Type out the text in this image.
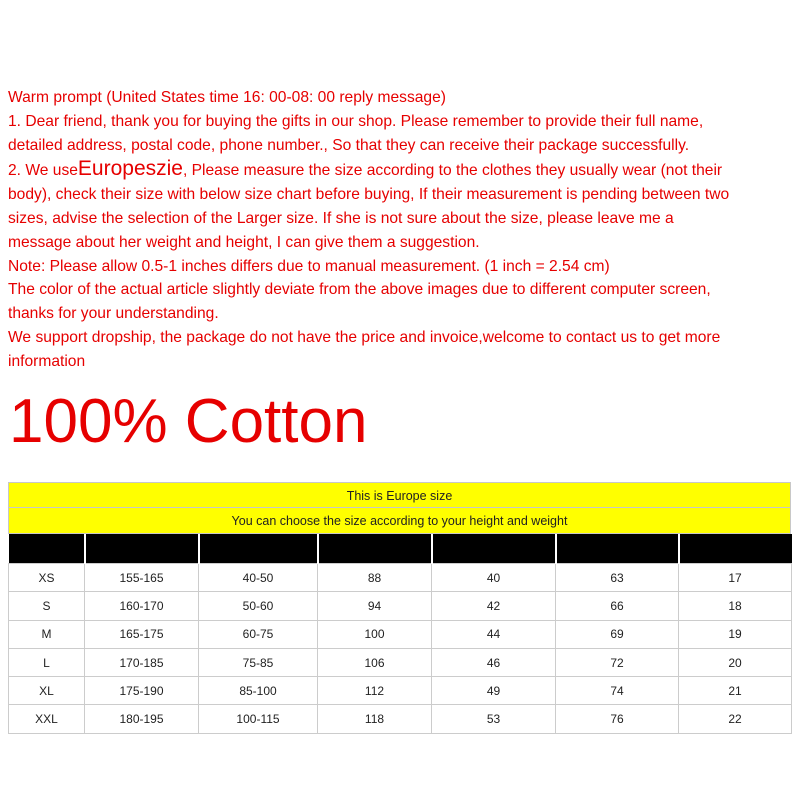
Warm prompt (United States time 16: 00-08: 00 reply message)
1. Dear friend, thank you for buying the gifts in our shop. Please remember to provide their full name,
detailed address, postal code, phone number., So that they can receive their package successfully.
2. We useEuropeszie, Please measure the size according to the clothes they usually wear (not their
body), check their size with below size chart before buying, If their measurement is pending between two
sizes, advise the selection of the Larger size. If she is not sure about the size, please leave me a
message about her weight and height, I can give them a suggestion.
Note: Please allow 0.5-1 inches differs due to manual measurement. (1 inch = 2.54 cm)
The color of the actual article slightly deviate from the above images due to different computer screen,
thanks for your understanding.
We support dropship, the package do not have the price and invoice,welcome to contact us to get more
information
100% Cotton
This is Europe size
You can choose the size according to your height and weight

XS	155-165	40-50	88	40	63	17
S	160-170	50-60	94	42	66	18
M	165-175	60-75	100	44	69	19
L	170-185	75-85	106	46	72	20
XL	175-190	85-100	112	49	74	21
XXL	180-195	100-115	118	53	76	22
